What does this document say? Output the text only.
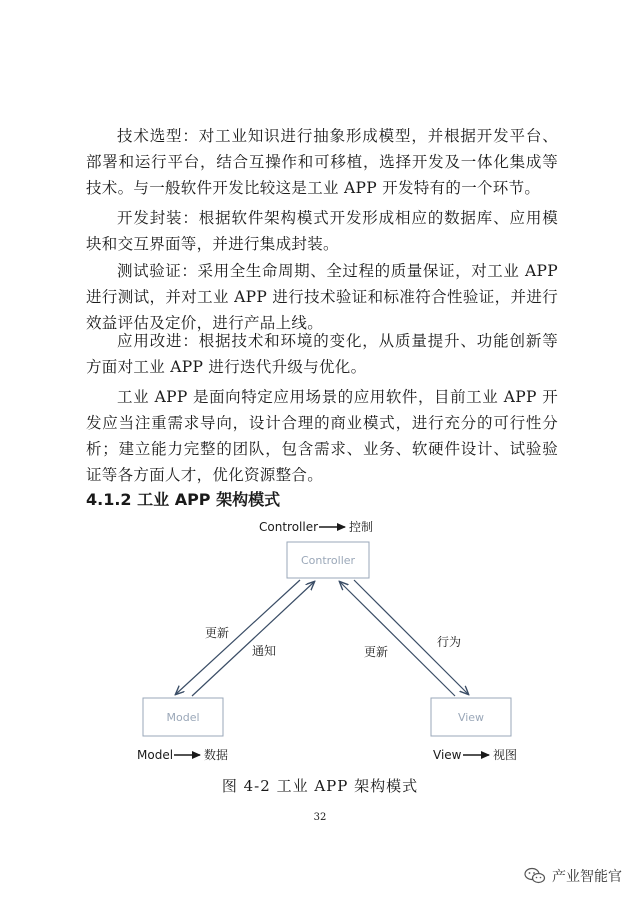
技术选型：对工业知识进行抽象形成模型，并根据开发平台、部署和运行平台，结合互操作和可移植，选择开发及一体化集成等技术。与一般软件开发比较这是工业 APP 开发特有的一个环节。

开发封装：根据软件架构模式开发形成相应的数据库、应用模块和交互界面等，并进行集成封装。

测试验证：采用全生命周期、全过程的质量保证，对工业 APP 进行测试，并对工业 APP 进行技术验证和标准符合性验证，并进行效益评估及定价，进行产品上线。

应用改进：根据技术和环境的变化，从质量提升、功能创新等方面对工业 APP 进行迭代升级与优化。

工业 APP 是面向特定应用场景的应用软件，目前工业 APP 开发应当注重需求导向，设计合理的商业模式，进行充分的可行性分析；建立能力完整的团队，包含需求、业务、软硬件设计、试验验证等各方面人才，优化资源整合。

4.1.2 工业 APP 架构模式
Controller	控制
Controller
Model	View
更新
通知	更新
行为
Model	数据	View	视图
图 4-2 工业 APP 架构模式
32
产业智能官
